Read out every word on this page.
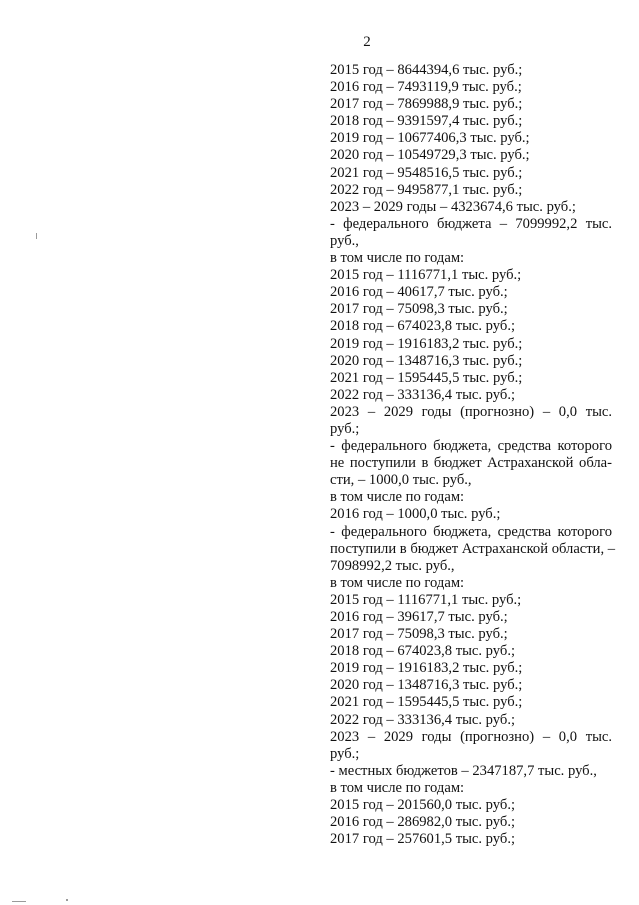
2
2015 год – 8644394,6 тыс. руб.;
2016 год – 7493119,9 тыс. руб.;
2017 год – 7869988,9 тыс. руб.;
2018 год – 9391597,4 тыс. руб.;
2019 год – 10677406,3 тыс. руб.;
2020 год – 10549729,3 тыс. руб.;
2021 год – 9548516,5 тыс. руб.;
2022 год – 9495877,1 тыс. руб.;
2023 – 2029 годы – 4323674,6 тыс. руб.;
- федерального бюджета – 7099992,2 тыс.
руб.,
в том числе по годам:
2015 год – 1116771,1 тыс. руб.;
2016 год – 40617,7 тыс. руб.;
2017 год – 75098,3 тыс. руб.;
2018 год – 674023,8 тыс. руб.;
2019 год – 1916183,2 тыс. руб.;
2020 год – 1348716,3 тыс. руб.;
2021 год – 1595445,5 тыс. руб.;
2022 год – 333136,4 тыс. руб.;
2023 – 2029 годы (прогнозно) – 0,0 тыс.
руб.;
- федерального бюджета, средства которого
не поступили в бюджет Астраханской обла-
сти, – 1000,0 тыс. руб.,
в том числе по годам:
2016 год – 1000,0 тыс. руб.;
- федерального бюджета, средства которого
поступили в бюджет Астраханской области, –
7098992,2 тыс. руб.,
в том числе по годам:
2015 год – 1116771,1 тыс. руб.;
2016 год – 39617,7 тыс. руб.;
2017 год – 75098,3 тыс. руб.;
2018 год – 674023,8 тыс. руб.;
2019 год – 1916183,2 тыс. руб.;
2020 год – 1348716,3 тыс. руб.;
2021 год – 1595445,5 тыс. руб.;
2022 год – 333136,4 тыс. руб.;
2023 – 2029 годы (прогнозно) – 0,0 тыс.
руб.;
- местных бюджетов – 2347187,7 тыс. руб.,
в том числе по годам:
2015 год – 201560,0 тыс. руб.;
2016 год – 286982,0 тыс. руб.;
2017 год – 257601,5 тыс. руб.;
